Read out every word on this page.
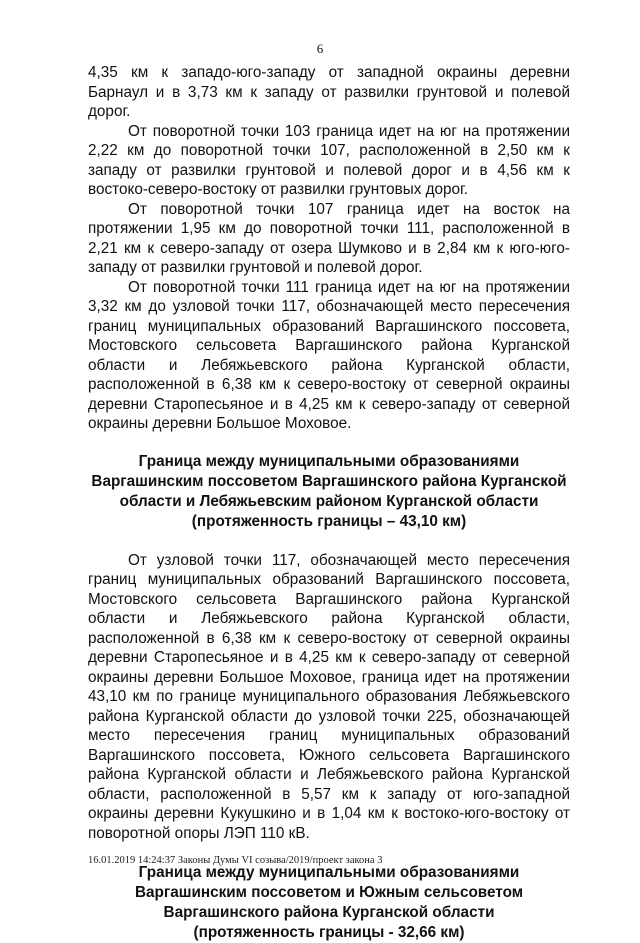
6

4,35 км к западо-юго-западу от западной окраины деревни Барнаул и в 3,73 км к западу от развилки грунтовой и полевой дорог.

От поворотной точки 103 граница идет на юг на протяжении 2,22 км до поворотной точки 107, расположенной в 2,50 км к западу от развилки грунтовой и полевой дорог и в 4,56 км к востоко-северо-востоку от развилки грунтовых дорог.

От поворотной точки 107 граница идет на восток на протяжении 1,95 км до поворотной точки 111, расположенной в 2,21 км к северо-западу от озера Шумково и в 2,84 км к юго-юго-западу от развилки грунтовой и полевой дорог.

От поворотной точки 111 граница идет на юг на протяжении 3,32 км до узловой точки 117, обозначающей место пересечения границ муниципальных образований Варгашинского поссовета, Мостовского сельсовета Варгашинского района Курганской области и Лебяжьевского района Курганской области, расположенной в 6,38 км к северо-востоку от северной окраины деревни Старопесьяное и в 4,25 км к северо-западу от северной окраины деревни Большое Моховое.

Граница между муниципальными образованиями
Варгашинским поссоветом Варгашинского района Курганской
области и Лебяжьевским районом Курганской области
(протяженность границы – 43,10 км)

От узловой точки 117, обозначающей место пересечения границ муниципальных образований Варгашинского поссовета, Мостовского сельсовета Варгашинского района Курганской области и Лебяжьевского района Курганской области, расположенной в 6,38 км к северо-востоку от северной окраины деревни Старопесьяное и в 4,25 км к северо-западу от северной окраины деревни Большое Моховое, граница идет на протяжении 43,10 км по границе муниципального образования Лебяжьевского района Курганской области до узловой точки 225, обозначающей место пересечения границ муниципальных образований Варгашинского поссовета, Южного сельсовета Варгашинского района Курганской области и Лебяжьевского района Курганской области, расположенной в 5,57 км к западу от юго-западной окраины деревни Кукушкино и в 1,04 км к востоко-юго-востоку от поворотной опоры ЛЭП 110 кВ.

Граница между муниципальными образованиями
Варгашинским поссоветом и Южным сельсоветом
Варгашинского района Курганской области
(протяженность границы - 32,66 км)
16.01.2019 14:24:37 Законы Думы VI созыва/2019/проект закона 3
